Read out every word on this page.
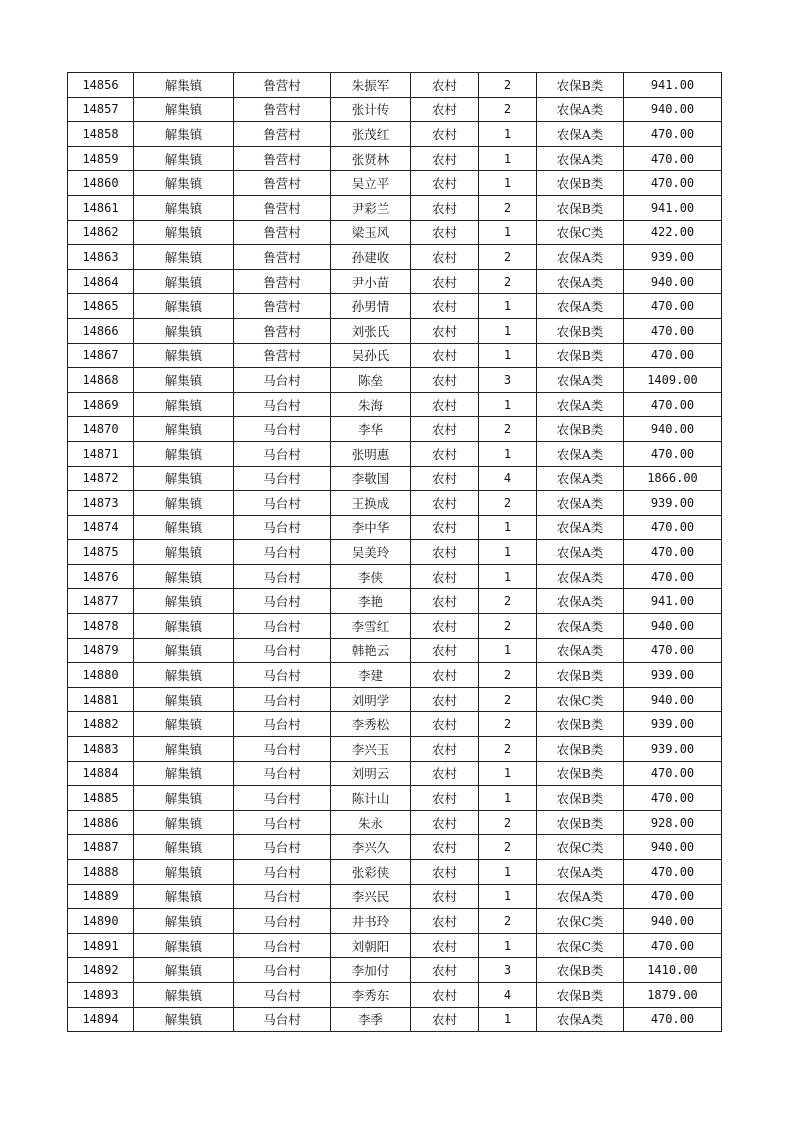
14856	解集镇	鲁营村	朱振军	农村	2	农保B类	941.00
14857	解集镇	鲁营村	张计传	农村	2	农保A类	940.00
14858	解集镇	鲁营村	张茂红	农村	1	农保A类	470.00
14859	解集镇	鲁营村	张贤林	农村	1	农保A类	470.00
14860	解集镇	鲁营村	吴立平	农村	1	农保B类	470.00
14861	解集镇	鲁营村	尹彩兰	农村	2	农保B类	941.00
14862	解集镇	鲁营村	梁玉风	农村	1	农保C类	422.00
14863	解集镇	鲁营村	孙建收	农村	2	农保A类	939.00
14864	解集镇	鲁营村	尹小苗	农村	2	农保A类	940.00
14865	解集镇	鲁营村	孙男情	农村	1	农保A类	470.00
14866	解集镇	鲁营村	刘张氏	农村	1	农保B类	470.00
14867	解集镇	鲁营村	吴孙氏	农村	1	农保B类	470.00
14868	解集镇	马台村	陈垒	农村	3	农保A类	1409.00
14869	解集镇	马台村	朱海	农村	1	农保A类	470.00
14870	解集镇	马台村	李华	农村	2	农保B类	940.00
14871	解集镇	马台村	张明惠	农村	1	农保A类	470.00
14872	解集镇	马台村	李敬国	农村	4	农保A类	1866.00
14873	解集镇	马台村	王换成	农村	2	农保A类	939.00
14874	解集镇	马台村	李中华	农村	1	农保A类	470.00
14875	解集镇	马台村	吴美玲	农村	1	农保A类	470.00
14876	解集镇	马台村	李侠	农村	1	农保A类	470.00
14877	解集镇	马台村	李艳	农村	2	农保A类	941.00
14878	解集镇	马台村	李雪红	农村	2	农保A类	940.00
14879	解集镇	马台村	韩艳云	农村	1	农保A类	470.00
14880	解集镇	马台村	李建	农村	2	农保B类	939.00
14881	解集镇	马台村	刘明学	农村	2	农保C类	940.00
14882	解集镇	马台村	李秀松	农村	2	农保B类	939.00
14883	解集镇	马台村	李兴玉	农村	2	农保B类	939.00
14884	解集镇	马台村	刘明云	农村	1	农保B类	470.00
14885	解集镇	马台村	陈计山	农村	1	农保B类	470.00
14886	解集镇	马台村	朱永	农村	2	农保B类	928.00
14887	解集镇	马台村	李兴久	农村	2	农保C类	940.00
14888	解集镇	马台村	张彩侠	农村	1	农保A类	470.00
14889	解集镇	马台村	李兴民	农村	1	农保A类	470.00
14890	解集镇	马台村	井书玲	农村	2	农保C类	940.00
14891	解集镇	马台村	刘朝阳	农村	1	农保C类	470.00
14892	解集镇	马台村	李加付	农村	3	农保B类	1410.00
14893	解集镇	马台村	李秀东	农村	4	农保B类	1879.00
14894	解集镇	马台村	李季	农村	1	农保A类	470.00
